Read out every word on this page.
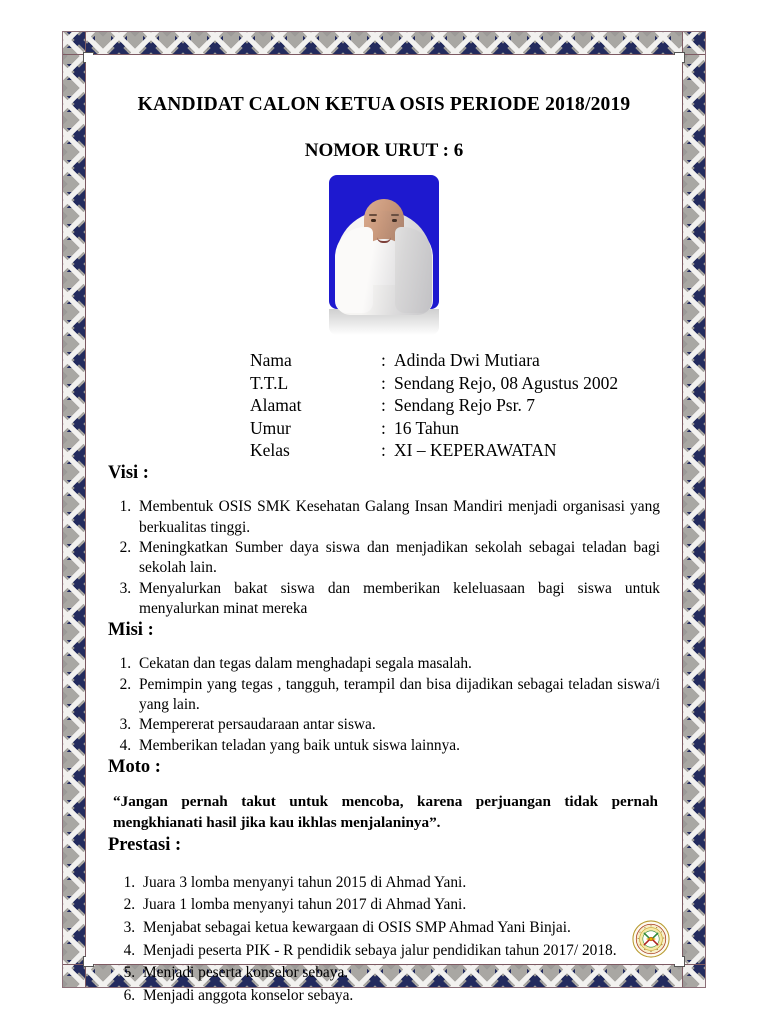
KANDIDAT CALON KETUA OSIS PERIODE 2018/2019
NOMOR URUT : 6
Nama	: Adinda Dwi Mutiara
T.T.L	: Sendang Rejo, 08 Agustus 2002
Alamat	: Sendang Rejo Psr. 7
Umur	: 16 Tahun
Kelas	: XI – KEPERAWATAN
Visi :
1. Membentuk OSIS SMK Kesehatan Galang Insan Mandiri menjadi organisasi yang berkualitas tinggi.
2. Meningkatkan Sumber daya siswa dan menjadikan sekolah sebagai teladan bagi sekolah lain.
3. Menyalurkan bakat siswa dan memberikan keleluasaan bagi siswa untuk menyalurkan minat mereka
Misi :
1. Cekatan dan tegas dalam menghadapi segala masalah.
2. Pemimpin yang tegas , tangguh, terampil dan bisa dijadikan sebagai teladan siswa/i yang lain.
3. Mempererat persaudaraan antar siswa.
4. Memberikan teladan yang baik untuk siswa lainnya.
Moto :

“Jangan pernah takut untuk mencoba, karena perjuangan tidak pernah mengkhianati hasil jika kau ikhlas menjalaninya”.

Prestasi :
1. Juara 3 lomba menyanyi tahun 2015 di Ahmad Yani.
2. Juara 1 lomba menyanyi tahun 2017 di Ahmad Yani.
3. Menjabat sebagai ketua kewargaan di OSIS SMP Ahmad Yani Binjai.
4. Menjadi peserta PIK - R pendidik sebaya jalur pendidikan tahun 2017/ 2018.
5. Menjadi peserta konselor sebaya.
6. Menjadi anggota konselor sebaya.
